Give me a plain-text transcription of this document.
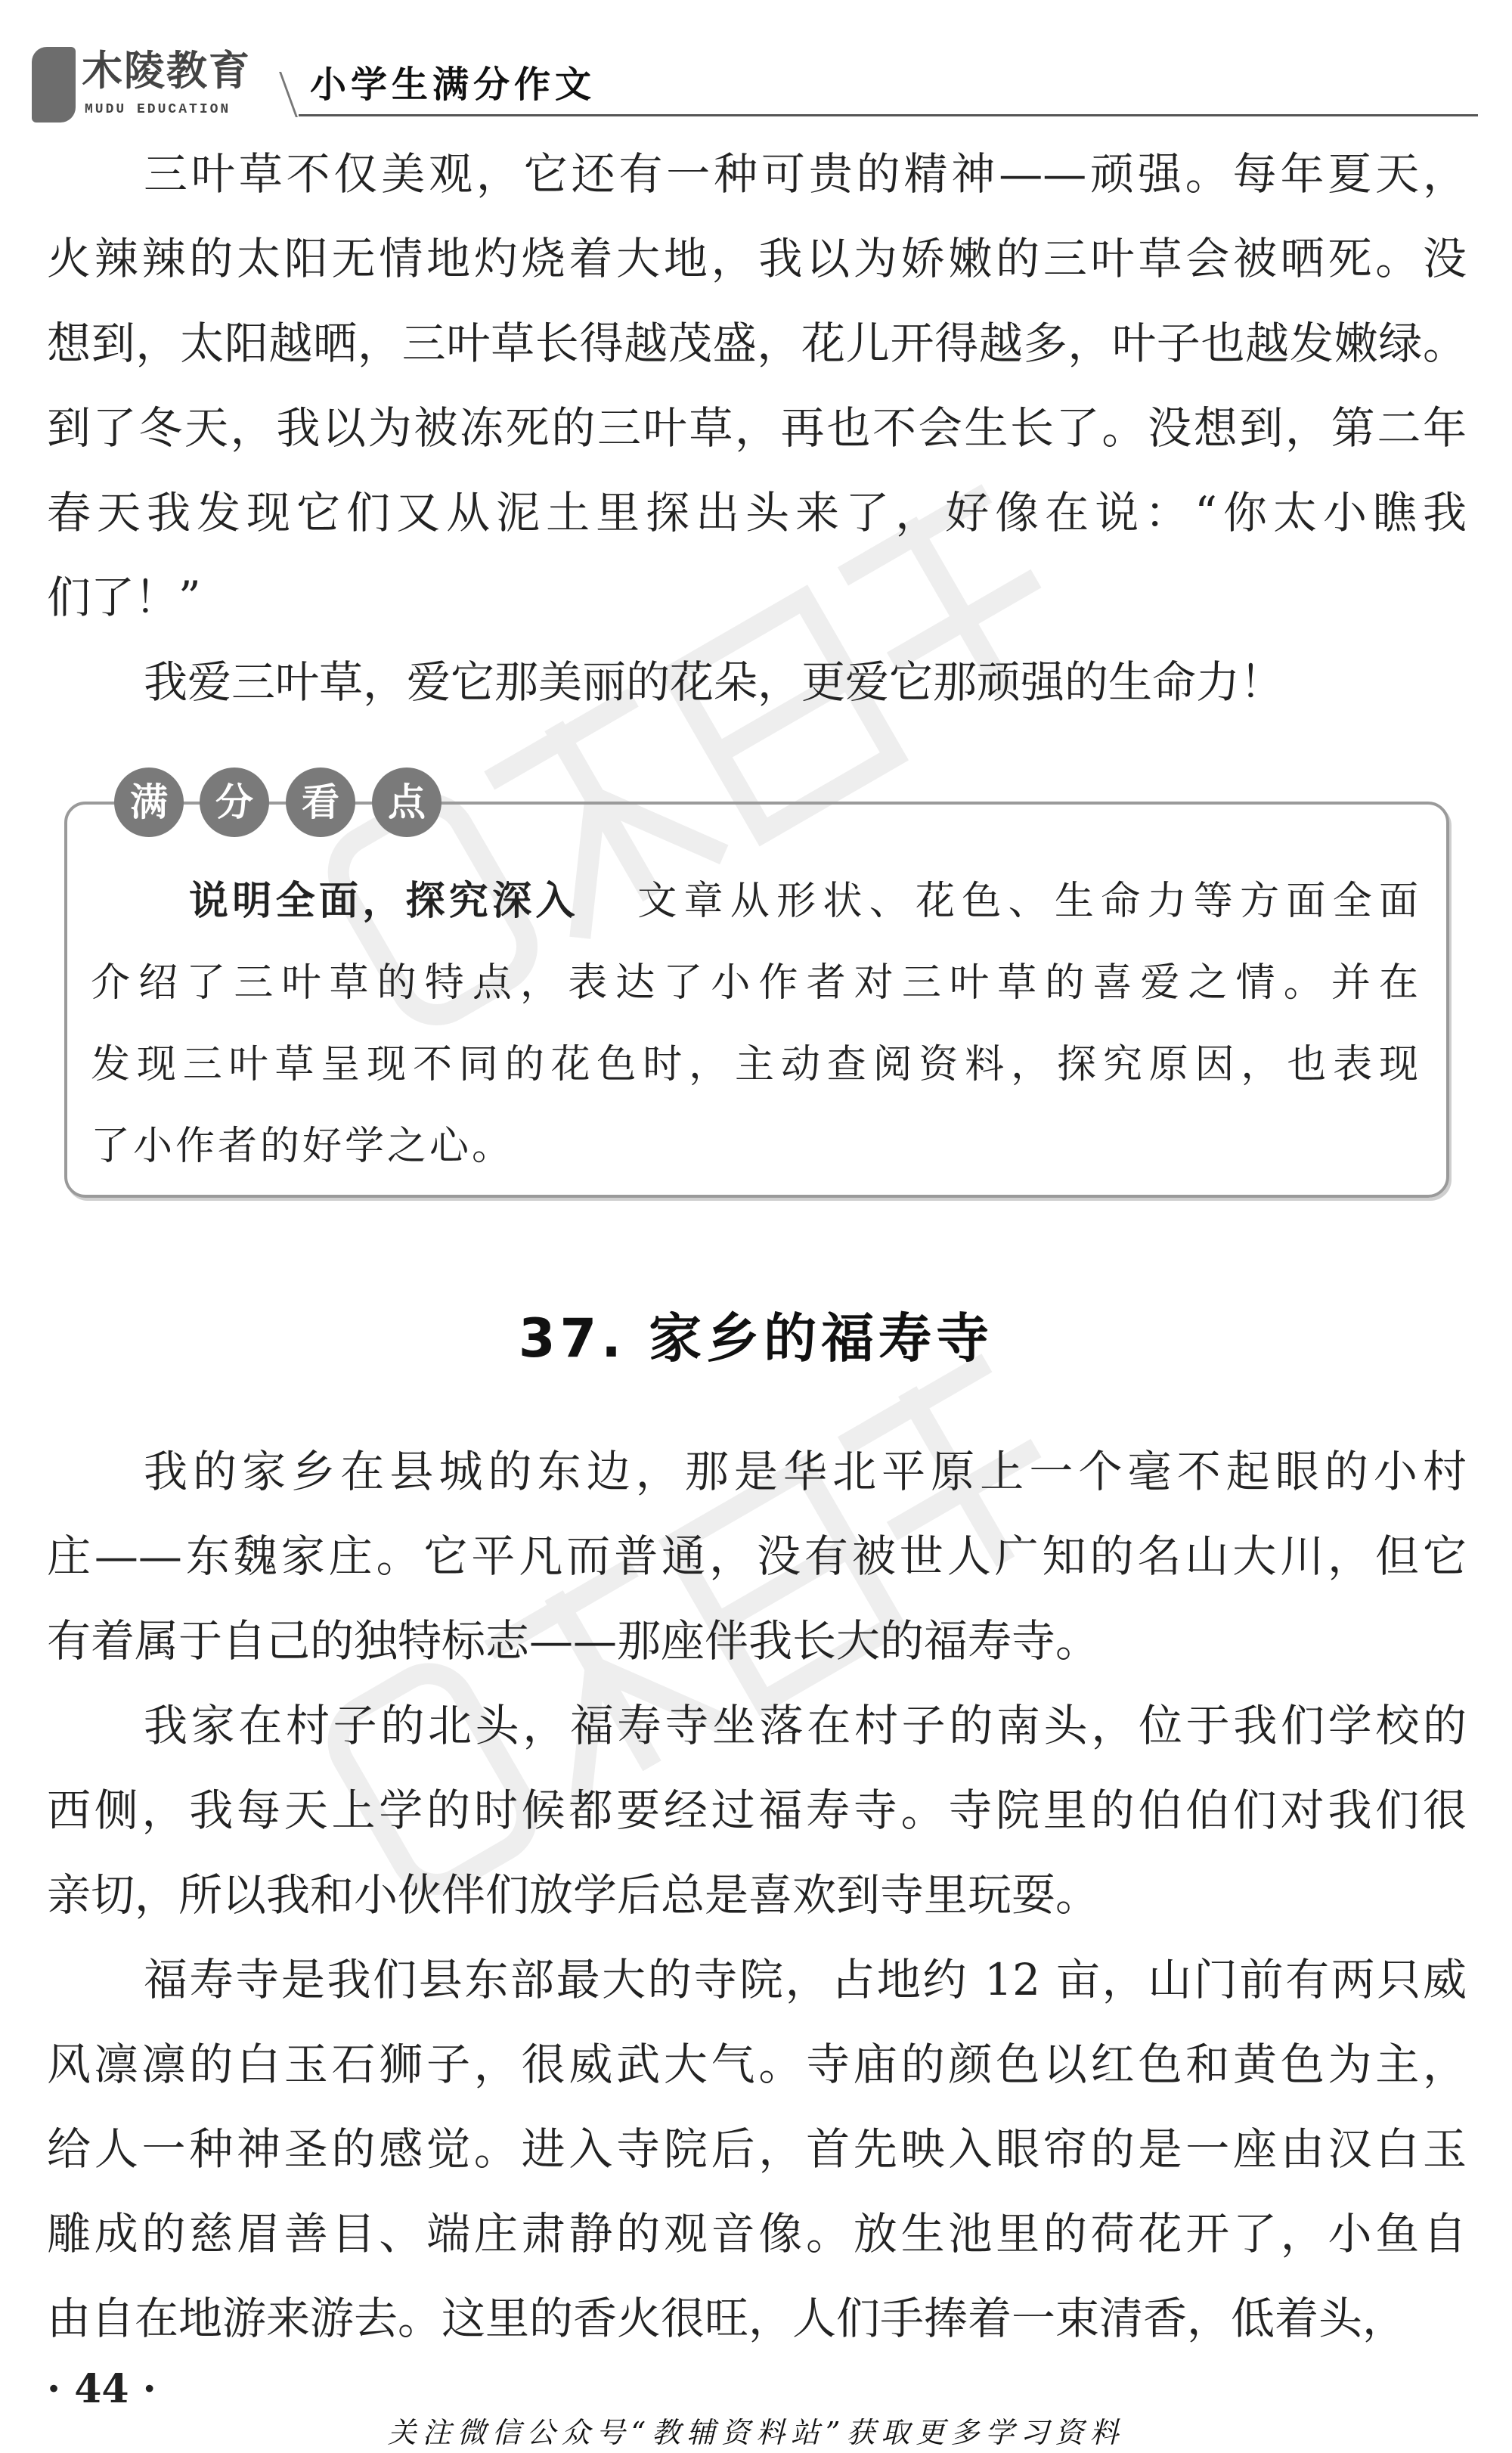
木陵教育
MUDU EDUCATION
小学生满分作文
三叶草不仅美观，它还有一种可贵的精神——顽强。每年夏天，
火辣辣的太阳无情地灼烧着大地，我以为娇嫩的三叶草会被晒死。没
想到，太阳越晒，三叶草长得越茂盛，花儿开得越多，叶子也越发嫩绿。
到了冬天，我以为被冻死的三叶草，再也不会生长了。没想到，第二年
春天我发现它们又从泥土里探出头来了，好像在说：“你太小瞧我
们了！”
我爱三叶草，爱它那美丽的花朵，更爱它那顽强的生命力！
满	分	看	点
说明全面，探究深入 文章从形状、花色、生命力等方面全面
介绍了三叶草的特点，表达了小作者对三叶草的喜爱之情。并在
发现三叶草呈现不同的花色时，主动查阅资料，探究原因，也表现
了小作者的好学之心。
37. 家乡的福寿寺
我的家乡在县城的东边，那是华北平原上一个毫不起眼的小村
庄——东魏家庄。它平凡而普通，没有被世人广知的名山大川，但它
有着属于自己的独特标志——那座伴我长大的福寿寺。
我家在村子的北头，福寿寺坐落在村子的南头，位于我们学校的
西侧，我每天上学的时候都要经过福寿寺。寺院里的伯伯们对我们很
亲切，所以我和小伙伴们放学后总是喜欢到寺里玩耍。
福寿寺是我们县东部最大的寺院，占地约 12 亩，山门前有两只威
风凛凛的白玉石狮子，很威武大气。寺庙的颜色以红色和黄色为主，
给人一种神圣的感觉。进入寺院后，首先映入眼帘的是一座由汉白玉
雕成的慈眉善目、端庄肃静的观音像。放生池里的荷花开了，小鱼自
由自在地游来游去。这里的香火很旺，人们手捧着一束清香，低着头，
· 44 ·
关注微信公众号“教辅资料站”获取更多学习资料
